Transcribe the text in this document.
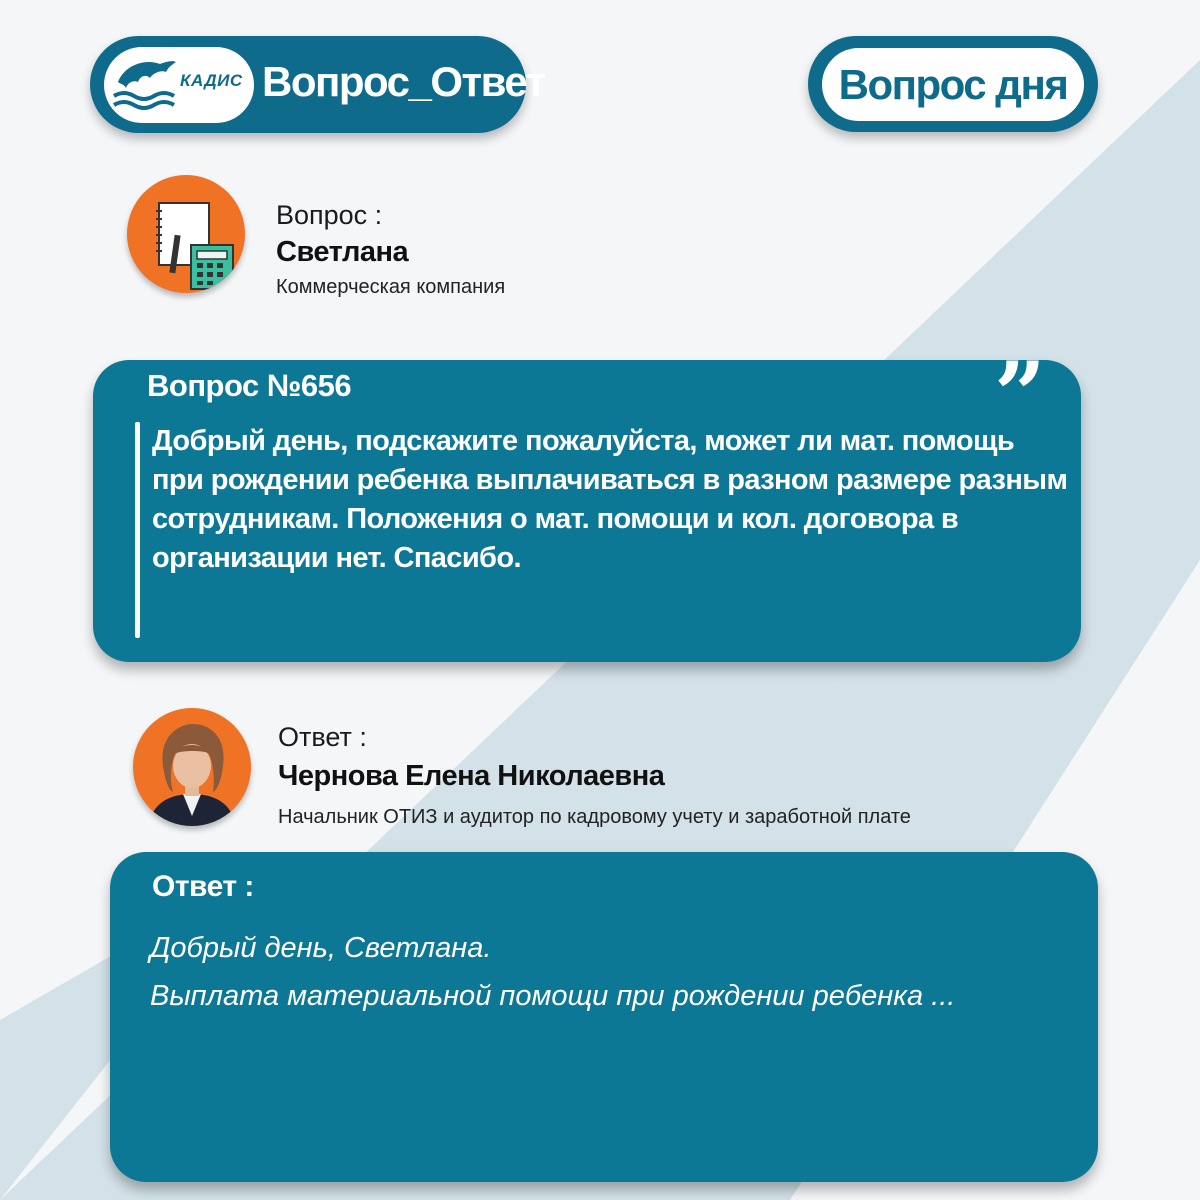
КАДИС Вопрос_Ответ	Вопрос дня
Вопрос :
Светлана
Коммерческая компания
Вопрос №656	”
Добрый день, подскажите пожалуйста, может ли мат. помощь при рождении ребенка выплачиваться в разном размере разным сотрудникам. Положения о мат. помощи и кол. договора в организации нет. Спасибо.
Ответ :
Чернова Елена Николаевна
Начальник ОТИЗ и аудитор по кадровому учету и заработной плате
Ответ :
Добрый день, Светлана.
Выплата материальной помощи при рождении ребенка ...
